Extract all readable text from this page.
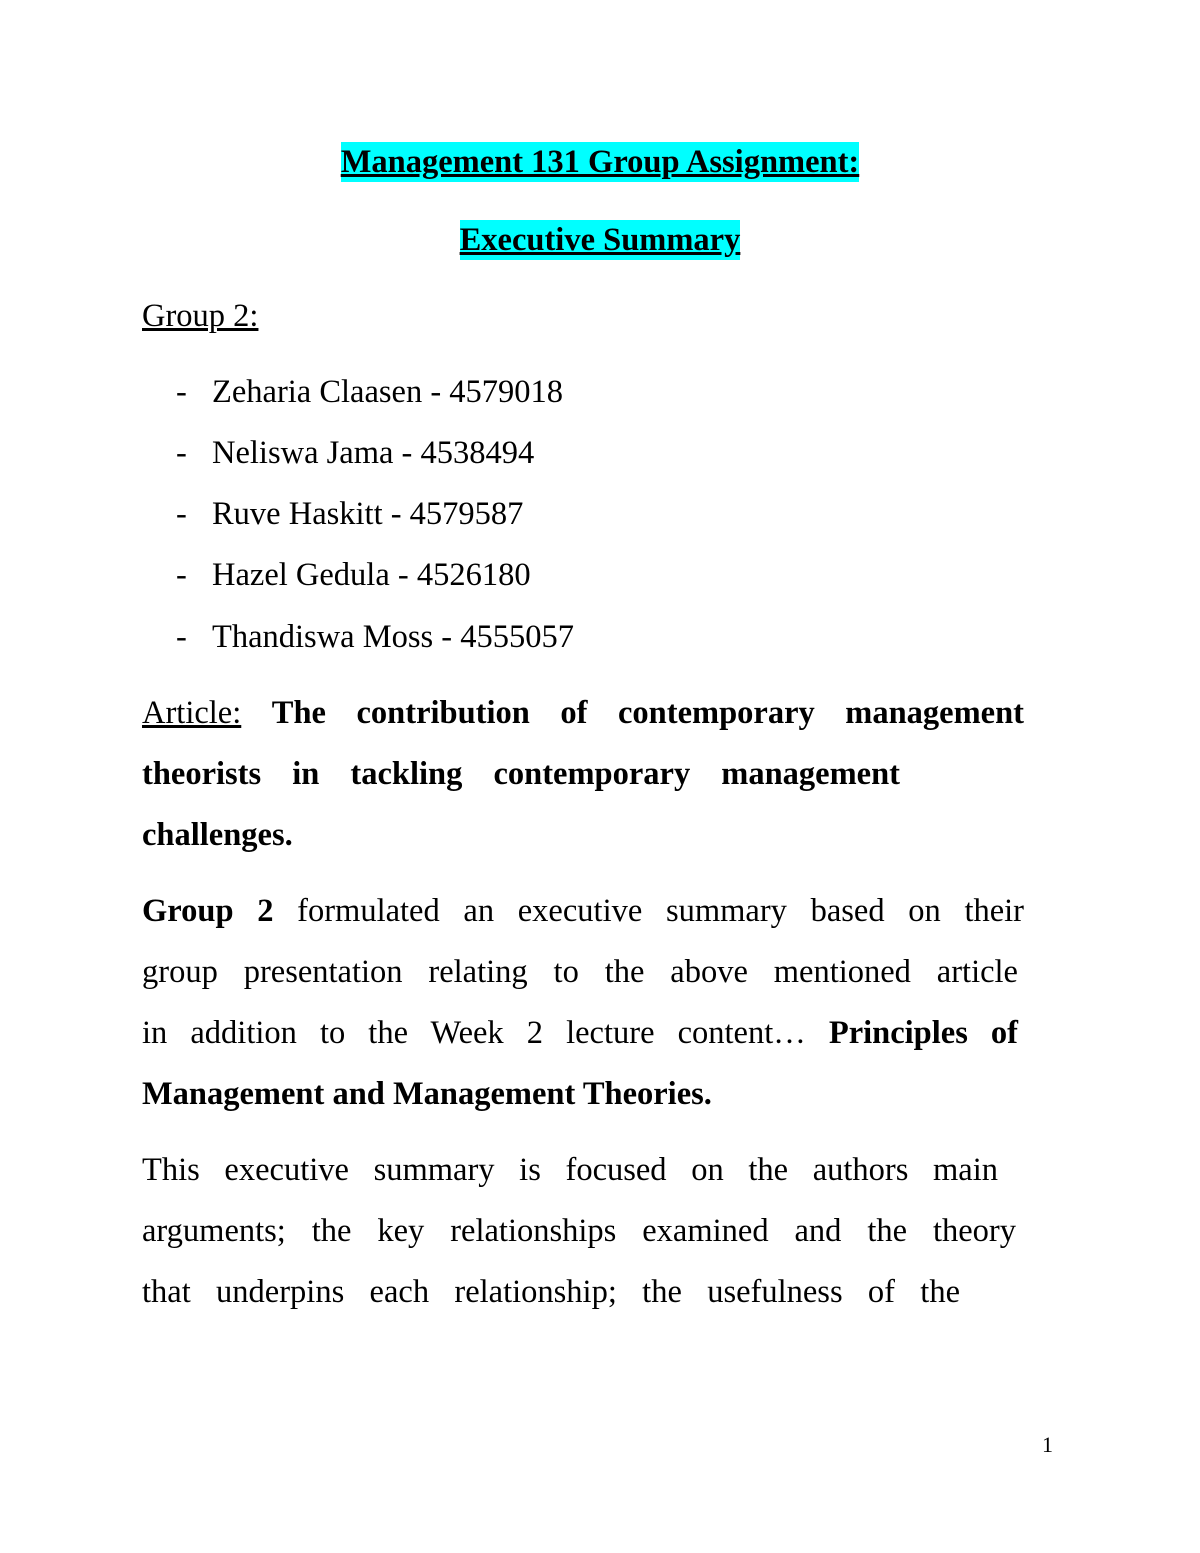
Management 131 Group Assignment:
Executive Summary
Group 2:
- Zeharia Claasen - 4579018
- Neliswa Jama - 4538494
- Ruve Haskitt - 4579587
- Hazel Gedula - 4526180
- Thandiswa Moss - 4555057
Article: The contribution of contemporary management
theorists in tackling contemporary management
challenges.
Group 2 formulated an executive summary based on their
group presentation relating to the above mentioned article
in addition to the Week 2 lecture content… Principles of
Management and Management Theories.
This executive summary is focused on the authors main
arguments; the key relationships examined and the theory
that underpins each relationship; the usefulness of the
1
